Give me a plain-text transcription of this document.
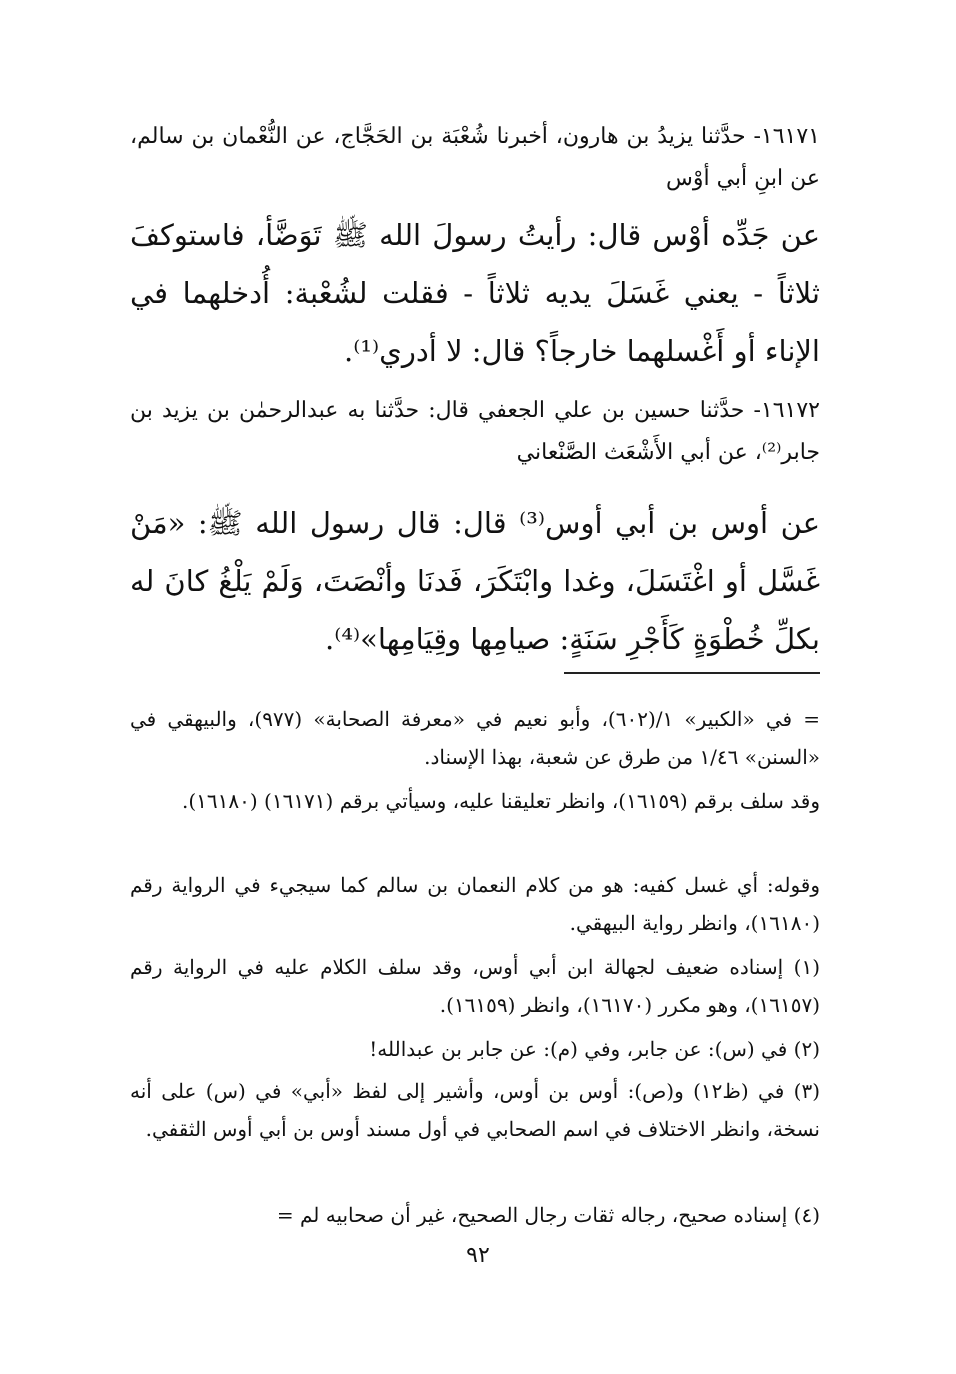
١٦١٧١- حدَّثنا يزيدُ بن هارون، أخبرنا شُعْبَة بن الحَجَّاج، عن النُّعْمان بن سالم، عن ابنِ أبي أوْس
عن جَدِّه أوْس قال: رأيتُ رسولَ الله ﷺ تَوَضَّأ، فاستوكفَ ثلاثاً - يعني غَسَلَ يديه ثلاثاً - فقلت لشُعْبة: أُدخلهما في الإناء أو أَغْسلهما خارجاً؟ قال: لا أدري⁽¹⁾.
١٦١٧٢- حدَّثنا حسين بن علي الجعفي قال: حدَّثنا به عبدالرحمٰن بن يزيد بن جابر⁽²⁾، عن أبي الأَشْعَث الصَّنْعاني
عن أوس بن أبي أوس⁽³⁾ قال: قال رسول الله ﷺ: «مَنْ غَسَّل أو اغْتَسَلَ، وغدا وابْتَكَرَ، فَدنَا وأنْصَتَ، وَلَمْ يَلْغُ كانَ له بكلِّ خُطْوَةٍ كَأَجْرِ سَنَةٍ: صيامِها وقِيَامِها»⁽⁴⁾.
= في «الكبير» ١/(٦٠٢)، وأبو نعيم في «معرفة الصحابة» (٩٧٧)، والبيهقي في «السنن» ١/٤٦ من طرق عن شعبة، بهذا الإسناد.
وقد سلف برقم (١٦١٥٩)، وانظر تعليقنا عليه، وسيأتي برقم (١٦١٧١) (١٦١٨٠).
وقوله: أي غسل كفيه: هو من كلام النعمان بن سالم كما سيجيء في الرواية رقم (١٦١٨٠)، وانظر رواية البيهقي.
(١) إسناده ضعيف لجهالة ابن أبي أوس، وقد سلف الكلام عليه في الرواية رقم (١٦١٥٧)، وهو مكرر (١٦١٧٠)، وانظر (١٦١٥٩).
(٢) في (س): عن جابر، وفي (م): عن جابر بن عبدالله!
(٣) في (ظ١٢) و(ص): أوس بن أوس، وأشير إلى لفظ «أبي» في (س) على أنه نسخة، وانظر الاختلاف في اسم الصحابي في أول مسند أوس بن أبي أوس الثقفي.
(٤) إسناده صحيح، رجاله ثقات رجال الصحيح، غير أن صحابيه لم =
٩٢
